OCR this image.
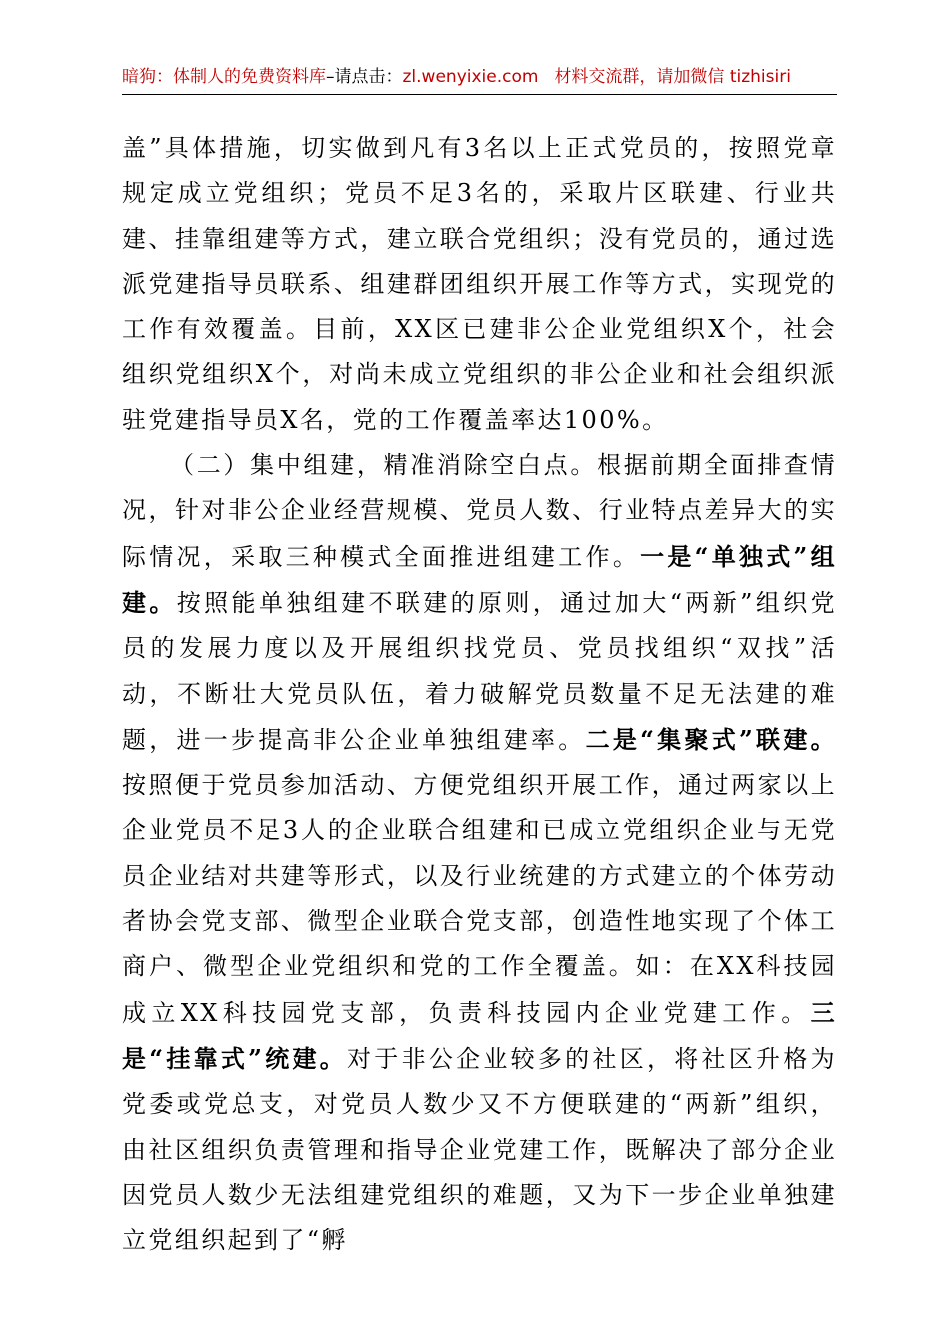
暗狗：体制人的免费资料库–请点击：zl.wenyixie.com 材料交流群，请加微信 tizhisiri

盖”具体措施，切实做到凡有3名以上正式党员的，按照党章规定成立党组织；党员不足3名的，采取片区联建、行业共建、挂靠组建等方式，建立联合党组织；没有党员的，通过选派党建指导员联系、组建群团组织开展工作等方式，实现党的工作有效覆盖。目前，XX区已建非公企业党组织X个，社会组织党组织X个，对尚未成立党组织的非公企业和社会组织派驻党建指导员X名，党的工作覆盖率达100%。

（二）集中组建，精准消除空白点。根据前期全面排查情况，针对非公企业经营规模、党员人数、行业特点差异大的实际情况，采取三种模式全面推进组建工作。一是“单独式”组建。按照能单独组建不联建的原则，通过加大“两新”组织党员的发展力度以及开展组织找党员、党员找组织“双找”活动，不断壮大党员队伍，着力破解党员数量不足无法建的难题，进一步提高非公企业单独组建率。二是“集聚式”联建。按照便于党员参加活动、方便党组织开展工作，通过两家以上企业党员不足3人的企业联合组建和已成立党组织企业与无党员企业结对共建等形式，以及行业统建的方式建立的个体劳动者协会党支部、微型企业联合党支部，创造性地实现了个体工商户、微型企业党组织和党的工作全覆盖。如：在XX科技园成立XX科技园党支部，负责科技园内企业党建工作。三是“挂靠式”统建。对于非公企业较多的社区，将社区升格为党委或党总支，对党员人数少又不方便联建的“两新”组织，由社区组织负责管理和指导企业党建工作，既解决了部分企业因党员人数少无法组建党组织的难题，又为下一步企业单独建立党组织起到了“孵
